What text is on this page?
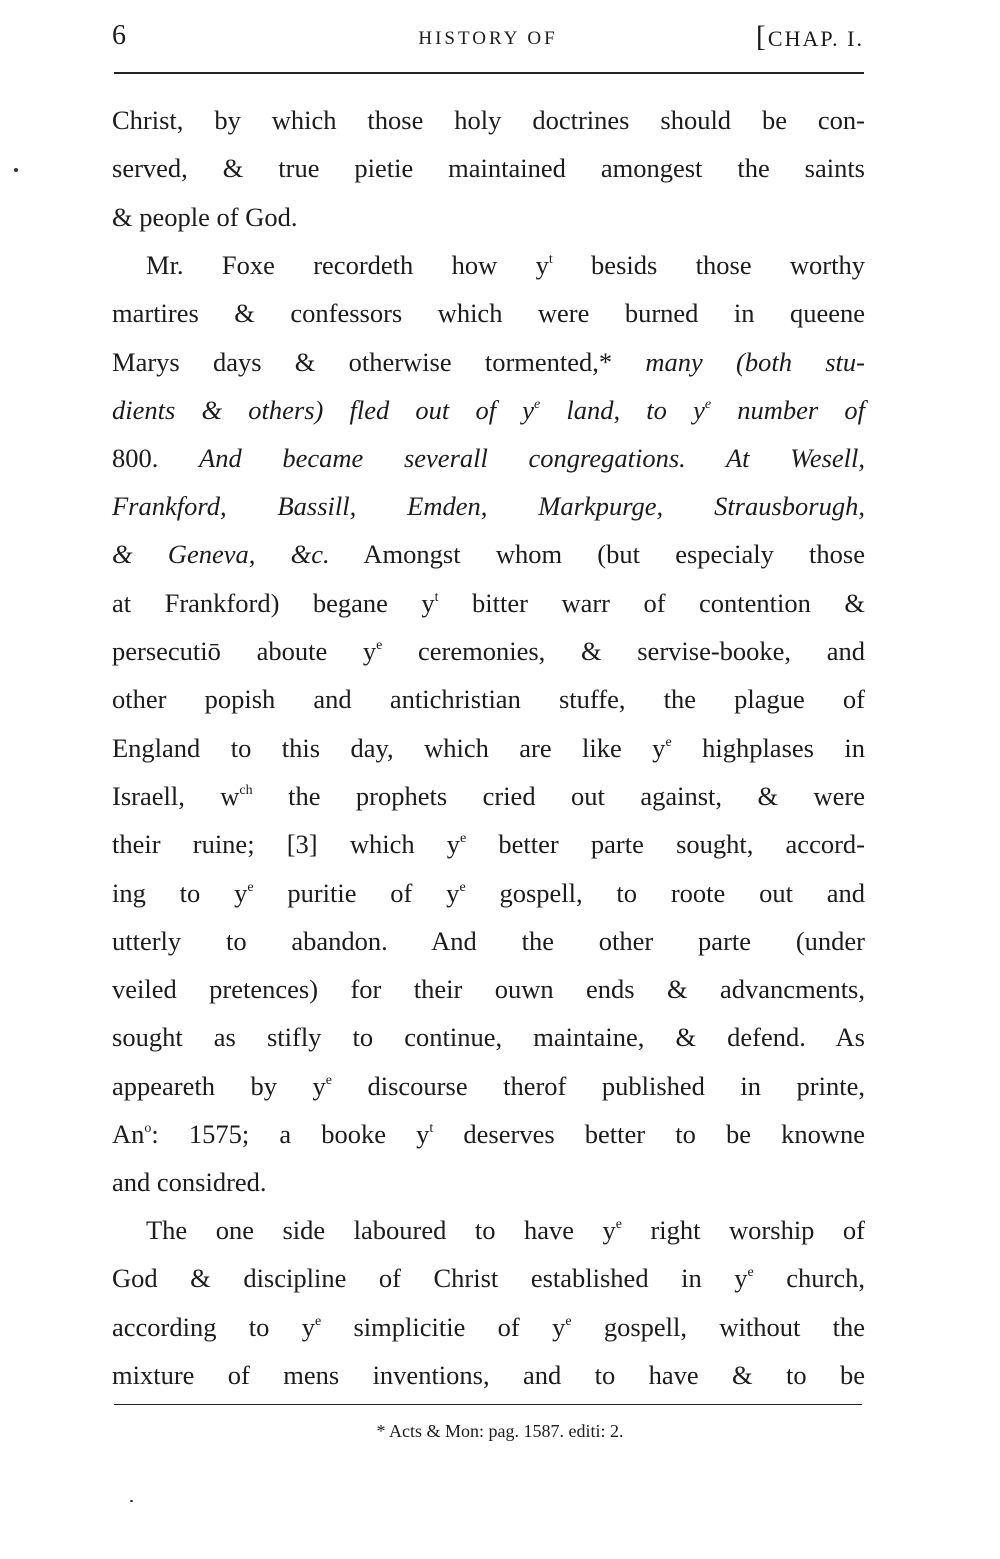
6	HISTORY OF	[CHAP. I.
Christ, by which those holy doctrines should be con-
served, & true pietie maintained amongest the saints
& people of God.
Mr. Foxe recordeth how $y^t$ besids those worthy
martires & confessors which were burned in queene
Marys days & otherwise tormented,* many (both stu-
dients & others) fled out of $y^e$ land, to $y^e$ number of
800. And became severall congregations. At Wesell,
Frankford, Bassill, Emden, Markpurge, Strausborugh,
& Geneva, &c. Amongst whom (but especialy those
at Frankford) begane $y^t$ bitter warr of contention &
persecutiō aboute $y^e$ ceremonies, & servise-booke, and
other popish and antichristian stuffe, the plague of
England to this day, which are like $y^e$ highplases in
Israell, $w^{ch}$ the prophets cried out against, & were
their ruine; [3] which $y^e$ better parte sought, accord-
ing to $y^e$ puritie of $y^e$ gospell, to roote out and
utterly to abandon. And the other parte (under
veiled pretences) for their ouwn ends & advancments,
sought as stifly to continue, maintaine, & defend. As
appeareth by $y^e$ discourse therof published in printe,
An$^o$: 1575; a booke $y^t$ deserves better to be knowne
and considred.
The one side laboured to have $y^e$ right worship of
God & discipline of Christ established in $y^e$ church,
according to $y^e$ simplicitie of $y^e$ gospell, without the
mixture of mens inventions, and to have & to be
* Acts & Mon: pag. 1587. editi: 2.
